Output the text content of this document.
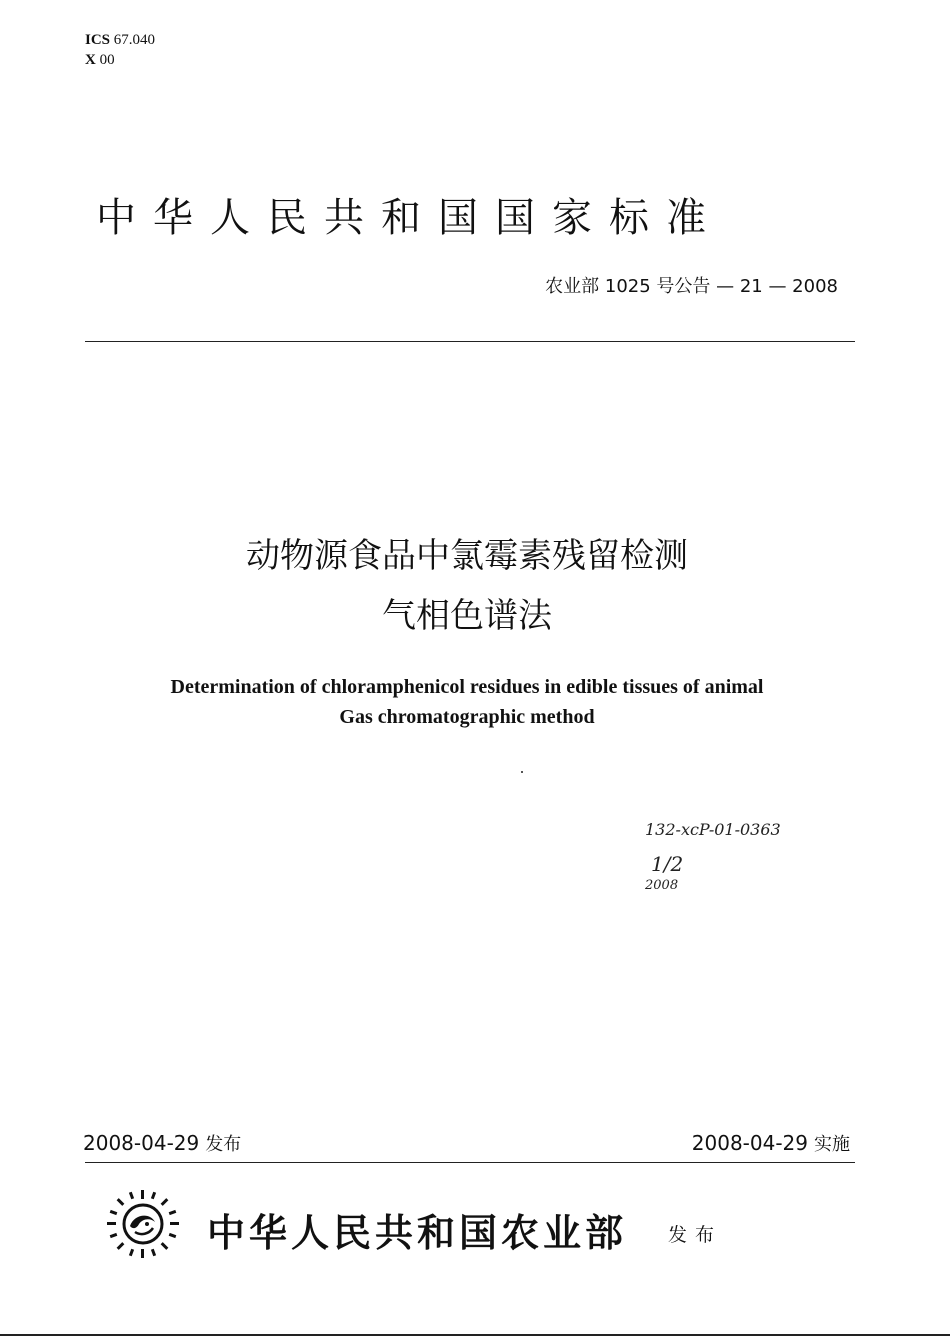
ICS 67.040
X 00
中华人民共和国国家标准
农业部 1025 号公告 — 21 — 2008
动物源食品中氯霉素残留检测
气相色谱法
Determination of chloramphenicol residues in edible tissues of animal
Gas chromatographic method
132-xcP-01-0363
1/2
2008
2008-04-29 发布	2008-04-29 实施
中华人民共和国农业部 发布
